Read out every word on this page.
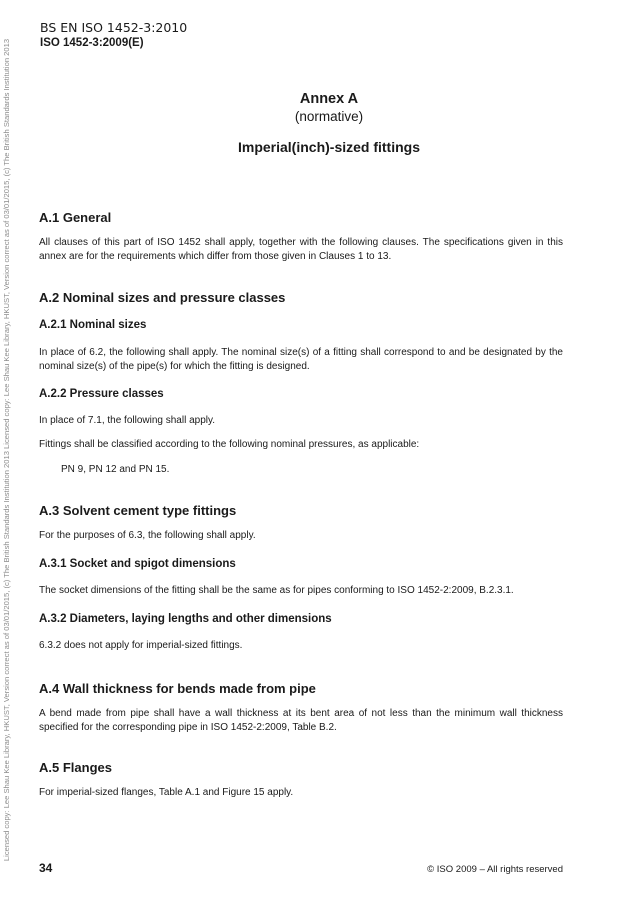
Licensed copy: Lee Shau Kee Library, HKUST, Version correct as of 03/01/2015, (c) The British Standards Institution 2013 Licensed copy: Lee Shau Kee Library, HKUST, Version correct as of 03/01/2015, (c) The British Standards Institution 2013
BS EN ISO 1452-3:2010
ISO 1452-3:2009(E)
Annex A
(normative)
Imperial(inch)-sized fittings
A.1 General
All clauses of this part of ISO 1452 shall apply, together with the following clauses. The specifications given in this annex are for the requirements which differ from those given in Clauses 1 to 13.
A.2 Nominal sizes and pressure classes
A.2.1 Nominal sizes
In place of 6.2, the following shall apply. The nominal size(s) of a fitting shall correspond to and be designated by the nominal size(s) of the pipe(s) for which the fitting is designed.
A.2.2 Pressure classes
In place of 7.1, the following shall apply.
Fittings shall be classified according to the following nominal pressures, as applicable:
PN 9, PN 12 and PN 15.
A.3 Solvent cement type fittings
For the purposes of 6.3, the following shall apply.
A.3.1 Socket and spigot dimensions
The socket dimensions of the fitting shall be the same as for pipes conforming to ISO 1452-2:2009, B.2.3.1.
A.3.2 Diameters, laying lengths and other dimensions
6.3.2 does not apply for imperial-sized fittings.
A.4 Wall thickness for bends made from pipe
A bend made from pipe shall have a wall thickness at its bent area of not less than the minimum wall thickness specified for the corresponding pipe in ISO 1452-2:2009, Table B.2.
A.5 Flanges
For imperial-sized flanges, Table A.1 and Figure 15 apply.
34	© ISO 2009 – All rights reserved
